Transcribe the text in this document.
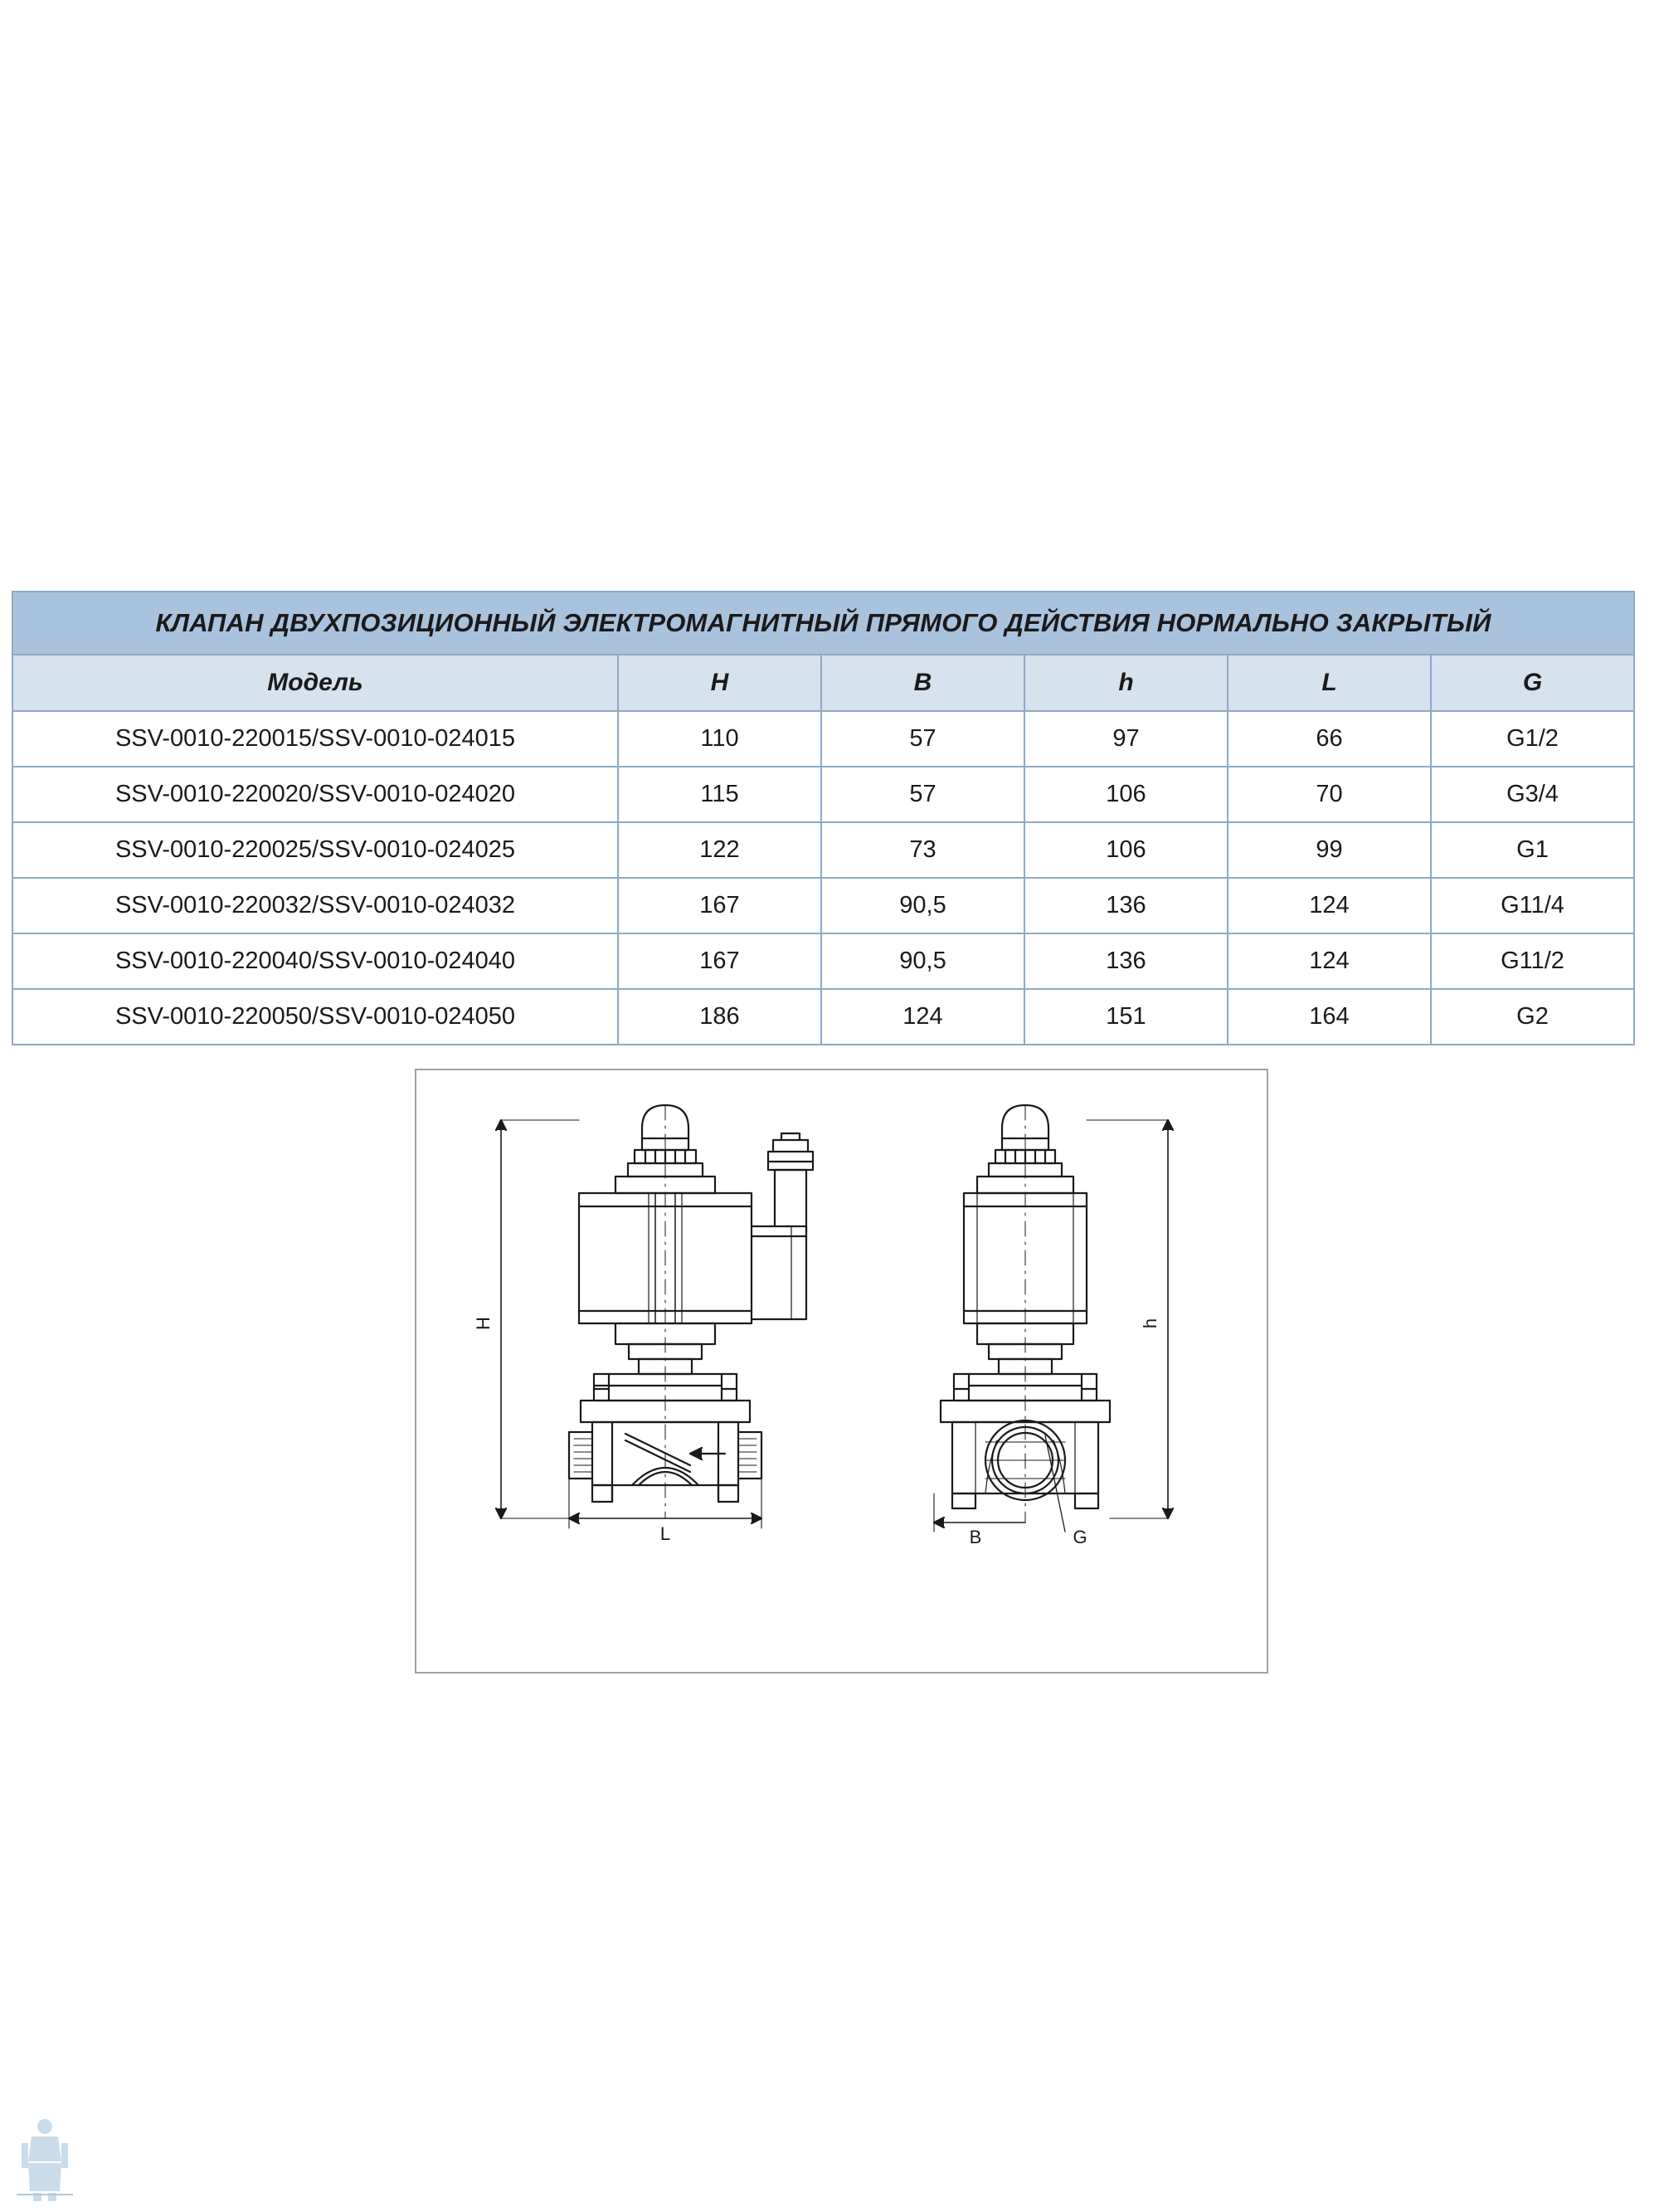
КЛАПАН ДВУХПОЗИЦИОННЫЙ ЭЛЕКТРОМАГНИТНЫЙ ПРЯМОГО ДЕЙСТВИЯ НОРМАЛЬНО ЗАКРЫТЫЙ					
Модель	H	B	h	L	G
SSV-0010-220015/SSV-0010-024015	110	57	97	66	G1/2
SSV-0010-220020/SSV-0010-024020	115	57	106	70	G3/4
SSV-0010-220025/SSV-0010-024025	122	73	106	99	G1
SSV-0010-220032/SSV-0010-024032	167	90,5	136	124	G11/4
SSV-0010-220040/SSV-0010-024040	167	90,5	136	124	G11/2
SSV-0010-220050/SSV-0010-024050	186	124	151	164	G2
H
L
h
B	G
